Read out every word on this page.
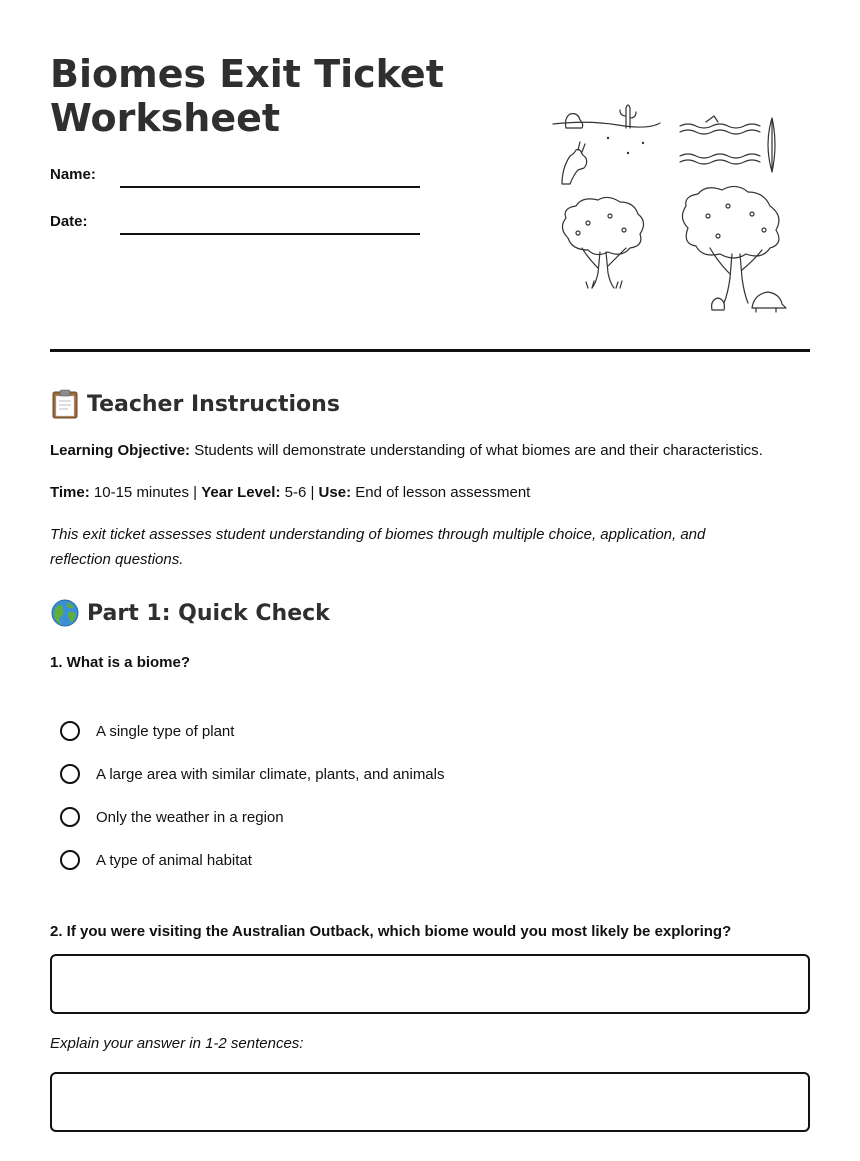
Biomes Exit Ticket Worksheet
Name:
Date:
Teacher Instructions

Learning Objective: Students will demonstrate understanding of what biomes are and their characteristics.

Time: 10-15 minutes | Year Level: 5-6 | Use: End of lesson assessment

This exit ticket assesses student understanding of biomes through multiple choice, application, and reflection questions.

Part 1: Quick Check

1. What is a biome?

A single type of plant
A large area with similar climate, plants, and animals
Only the weather in a region
A type of animal habitat

2. If you were visiting the Australian Outback, which biome would you most likely be exploring?

Explain your answer in 1-2 sentences:
